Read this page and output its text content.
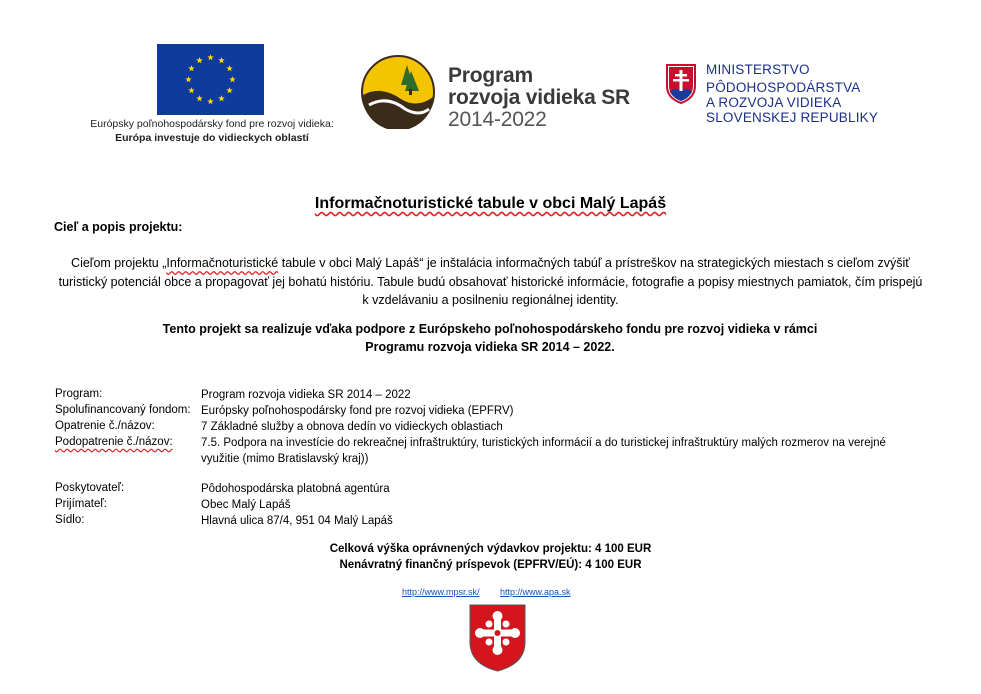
Európsky poľnohospodársky fond pre rozvoj vidieka:
Európa investuje do vidieckych oblastí
Program
rozvoja vidieka SR
2014-2022
MINISTERSTVO
PÔDOHOSPODÁRSTVA
A ROZVOJA VIDIEKA
SLOVENSKEJ REPUBLIKY
Informačnoturistické tabule v obci Malý Lapáš
Cieľ a popis projektu:
Cieľom projektu „Informačnoturistické tabule v obci Malý Lapáš“ je inštalácia informačných tabúľ a prístreškov na strategických miestach s cieľom zvýšiť turistický potenciál obce a propagovať jej bohatú históriu. Tabule budú obsahovať historické informácie, fotografie a popisy miestnych pamiatok, čím prispejú k vzdelávaniu a posilneniu regionálnej identity.
Tento projekt sa realizuje vďaka podpore z Európskeho poľnohospodárskeho fondu pre rozvoj vidieka v rámci
Programu rozvoja vidieka SR 2014 – 2022.
Program:	Program rozvoja vidieka SR 2014 – 2022
Spolufinancovaný fondom: Európsky poľnohospodársky fond pre rozvoj vidieka (EPFRV)
Opatrenie č./názov:	7 Základné služby a obnova dedín vo vidieckych oblastiach
Podopatrenie č./názov: 7.5. Podpora na investície do rekreačnej infraštruktúry, turistických informácií a do turistickej infraštruktúry malých rozmerov na verejné využitie (mimo Bratislavský kraj))
Poskytovateľ:	Pôdohospodárska platobná agentúra
Prijímateľ:	Obec Malý Lapáš
Sídlo:	Hlavná ulica 87/4, 951 04 Malý Lapáš
Celková výška oprávnených výdavkov projektu: 4 100 EUR
Nenávratný finančný príspevok (EPFRV/EÚ): 4 100 EUR
http://www.mpsr.sk/ http://www.apa.sk
